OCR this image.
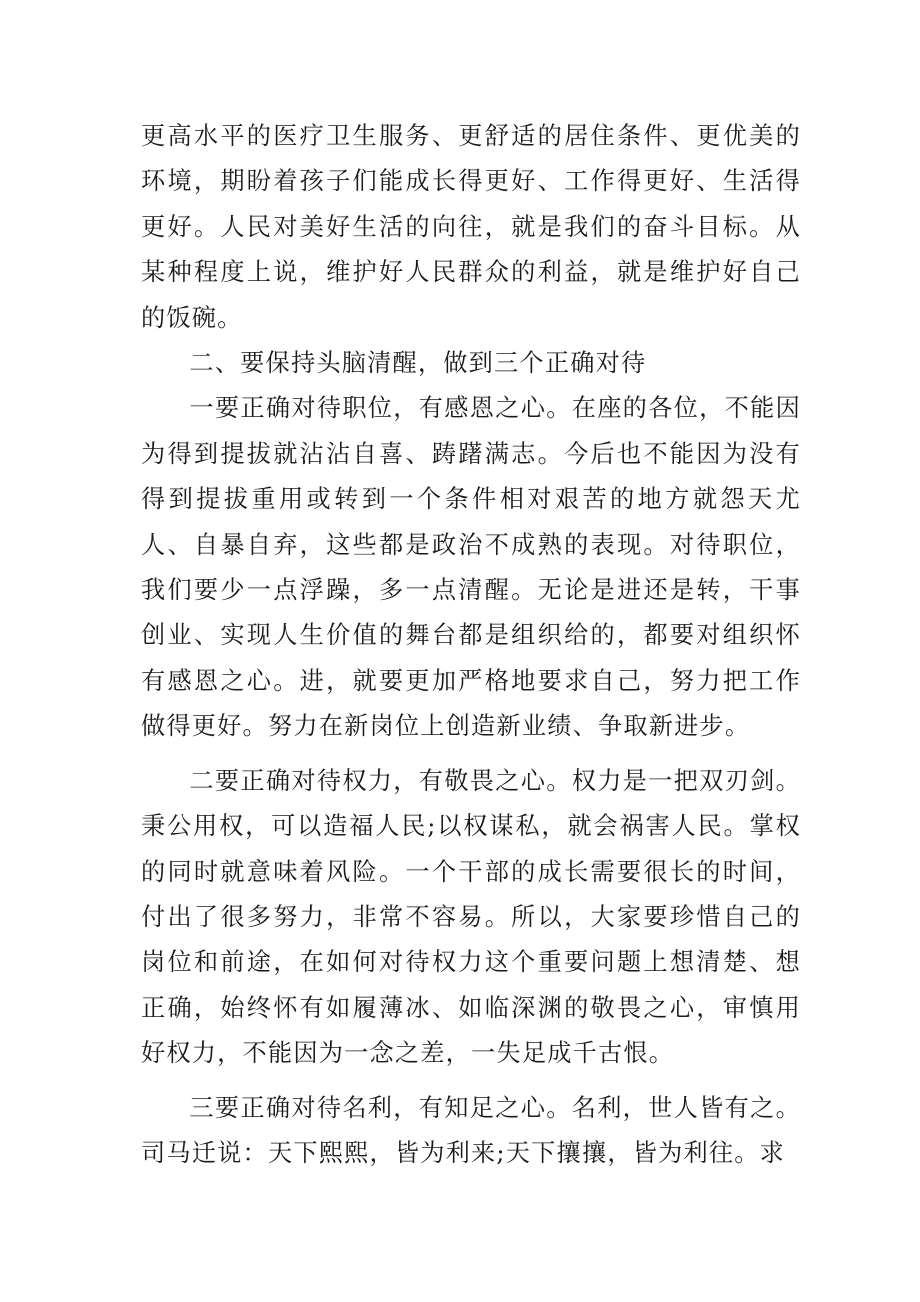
更高水平的医疗卫生服务、更舒适的居住条件、更优美的环境，期盼着孩子们能成长得更好、工作得更好、生活得更好。人民对美好生活的向往，就是我们的奋斗目标。从某种程度上说，维护好人民群众的利益，就是维护好自己的饭碗。

二、要保持头脑清醒，做到三个正确对待

一要正确对待职位，有感恩之心。在座的各位，不能因为得到提拔就沾沾自喜、踌躇满志。今后也不能因为没有得到提拔重用或转到一个条件相对艰苦的地方就怨天尤人、自暴自弃，这些都是政治不成熟的表现。对待职位，我们要少一点浮躁，多一点清醒。无论是进还是转，干事创业、实现人生价值的舞台都是组织给的，都要对组织怀有感恩之心。进，就要更加严格地要求自己，努力把工作做得更好。努力在新岗位上创造新业绩、争取新进步。

二要正确对待权力，有敬畏之心。权力是一把双刃剑。秉公用权，可以造福人民;以权谋私，就会祸害人民。掌权的同时就意味着风险。一个干部的成长需要很长的时间，付出了很多努力，非常不容易。所以，大家要珍惜自己的岗位和前途，在如何对待权力这个重要问题上想清楚、想正确，始终怀有如履薄冰、如临深渊的敬畏之心，审慎用好权力，不能因为一念之差，一失足成千古恨。

三要正确对待名利，有知足之心。名利，世人皆有之。司马迁说：天下熙熙，皆为利来;天下攘攘，皆为利往。求
